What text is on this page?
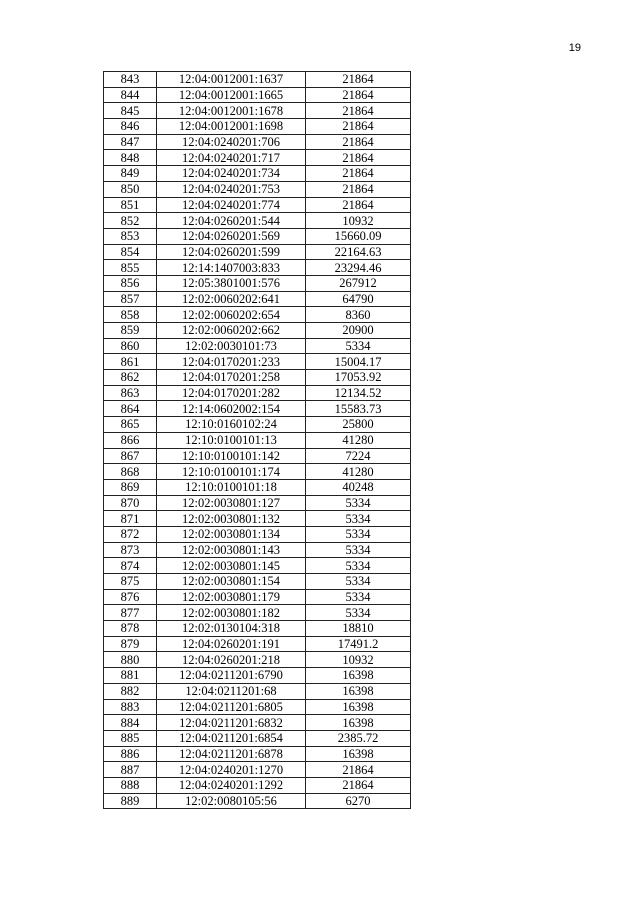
19
843	12:04:0012001:1637	21864
844	12:04:0012001:1665	21864
845	12:04:0012001:1678	21864
846	12:04:0012001:1698	21864
847	12:04:0240201:706	21864
848	12:04:0240201:717	21864
849	12:04:0240201:734	21864
850	12:04:0240201:753	21864
851	12:04:0240201:774	21864
852	12:04:0260201:544	10932
853	12:04:0260201:569	15660.09
854	12:04:0260201:599	22164.63
855	12:14:1407003:833	23294.46
856	12:05:3801001:576	267912
857	12:02:0060202:641	64790
858	12:02:0060202:654	8360
859	12:02:0060202:662	20900
860	12:02:0030101:73	5334
861	12:04:0170201:233	15004.17
862	12:04:0170201:258	17053.92
863	12:04:0170201:282	12134.52
864	12:14:0602002:154	15583.73
865	12:10:0160102:24	25800
866	12:10:0100101:13	41280
867	12:10:0100101:142	7224
868	12:10:0100101:174	41280
869	12:10:0100101:18	40248
870	12:02:0030801:127	5334
871	12:02:0030801:132	5334
872	12:02:0030801:134	5334
873	12:02:0030801:143	5334
874	12:02:0030801:145	5334
875	12:02:0030801:154	5334
876	12:02:0030801:179	5334
877	12:02:0030801:182	5334
878	12:02:0130104:318	18810
879	12:04:0260201:191	17491.2
880	12:04:0260201:218	10932
881	12:04:0211201:6790	16398
882	12:04:0211201:68	16398
883	12:04:0211201:6805	16398
884	12:04:0211201:6832	16398
885	12:04:0211201:6854	2385.72
886	12:04:0211201:6878	16398
887	12:04:0240201:1270	21864
888	12:04:0240201:1292	21864
889	12:02:0080105:56	6270
